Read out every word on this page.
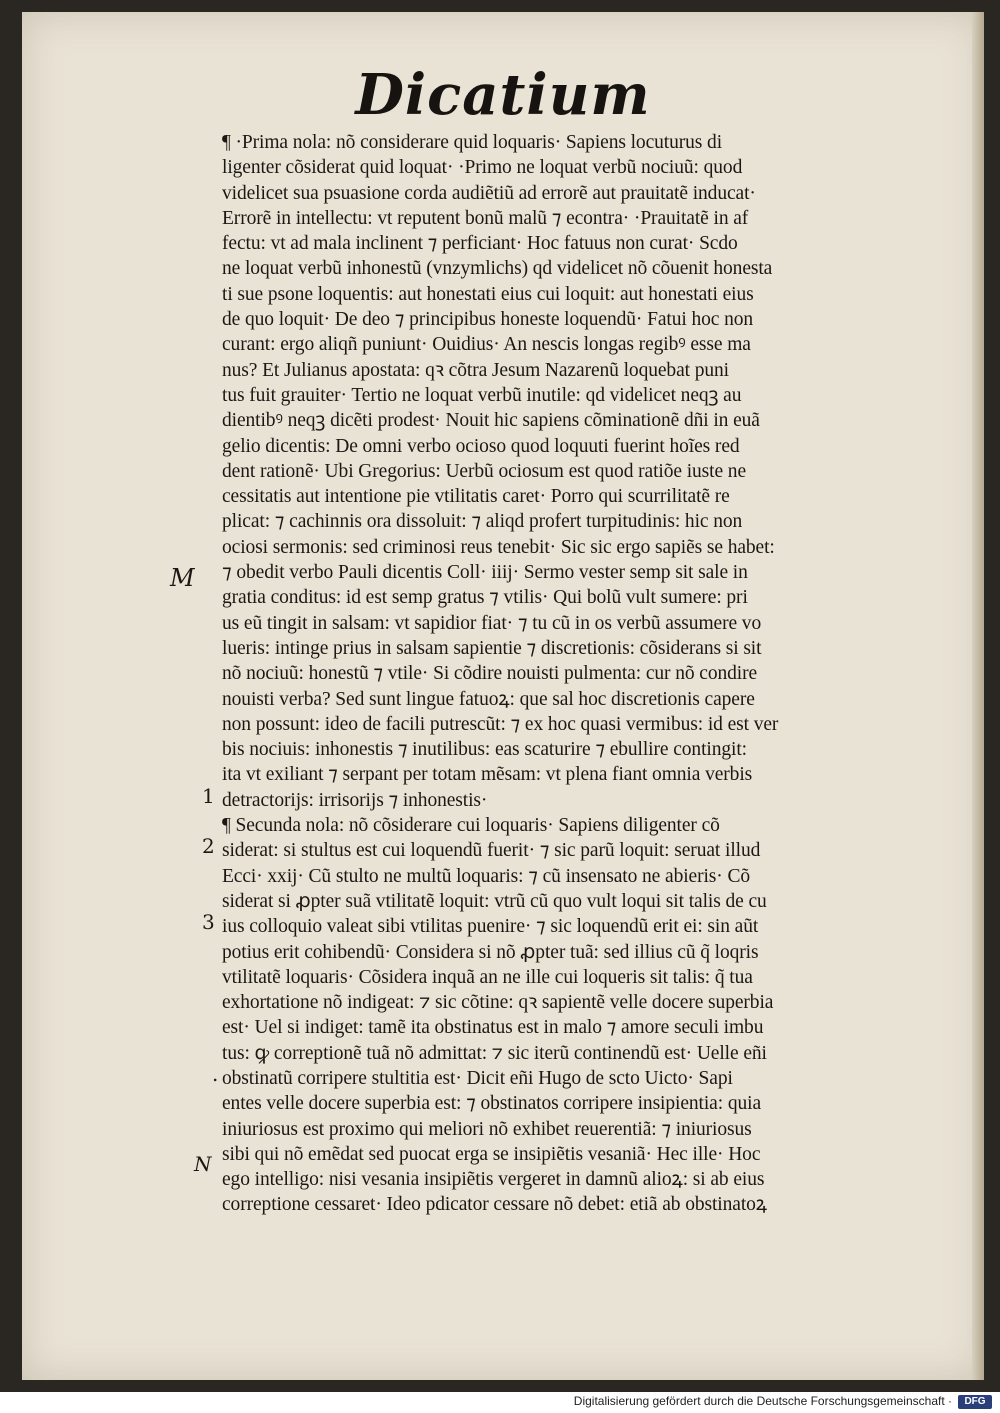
Dicatium
¶ ·Prima nola: nõ considerare quid loquaris· Sapiens locuturus di
ligenter cõsiderat quid loquat· ·Primo ne loquat verbũ nociuũ: quod
videlicet sua psuasione corda audiẽtiũ ad errorẽ aut prauitatẽ inducat·
Errorẽ in intellectu: vt reputent bonũ malũ ⁊ econtra· ·Prauitatẽ in af
fectu: vt ad mala inclinent ⁊ perficiant· Hoc fatuus non curat· Scdo
ne loquat verbũ inhonestũ (vnzymlichs) qd videlicet nõ cõuenit honesta
ti sue psone loquentis: aut honestati eius cui loquit: aut honestati eius
de quo loquit· De deo ⁊ principibus honeste loquendũ· Fatui hoc non
curant: ergo aliqñ puniunt· Ouidius· An nescis longas regibꝰ esse ma
nus? Et Julianus apostata: qꝛ cõtra Jesum Nazarenũ loquebat puni
tus fuit grauiter· Tertio ne loquat verbũ inutile: qd videlicet neqꝫ au
dientibꝰ neqꝫ dicẽti prodest· Nouit hic sapiens cõminationẽ dñi in euã
gelio dicentis: De omni verbo ocioso quod loquuti fuerint hoĩes red
dent rationẽ· Ubi Gregorius: Uerbũ ociosum est quod ratiõe iuste ne
cessitatis aut intentione pie vtilitatis caret· Porro qui scurrilitatẽ re
plicat: ⁊ cachinnis ora dissoluit: ⁊ aliqd profert turpitudinis: hic non
ociosi sermonis: sed criminosi reus tenebit· Sic sic ergo sapiẽs se habet:
⁊ obedit verbo Pauli dicentis Coll· iiij· Sermo vester semp sit sale in
gratia conditus: id est semp gratus ⁊ vtilis· Qui bolũ vult sumere: pri
us eũ tingit in salsam: vt sapidior fiat· ⁊ tu cũ in os verbũ assumere vo
lueris: intinge prius in salsam sapientie ⁊ discretionis: cõsiderans si sit
nõ nociuũ: honestũ ⁊ vtile· Si cõdire nouisti pulmenta: cur nõ condire
nouisti verba? Sed sunt lingue fatuoꝝ: que sal hoc discretionis capere
non possunt: ideo de facili putrescũt: ⁊ ex hoc quasi vermibus: id est ver
bis nociuis: inhonestis ⁊ inutilibus: eas scaturire ⁊ ebullire contingit:
ita vt exiliant ⁊ serpant per totam mẽsam: vt plena fiant omnia verbis
detractorijs: irrisorijs ⁊ inhonestis·
¶ Secunda nola: nõ cõsiderare cui loquaris· Sapiens diligenter cõ
siderat: si stultus est cui loquendũ fuerit· ⁊ sic parũ loquit: seruat illud
Ecci· xxij· Cũ stulto ne multũ loquaris: ⁊ cũ insensato ne abieris· Cõ
siderat si ꝓpter suã vtilitatẽ loquit: vtrũ cũ quo vult loqui sit talis de cu
ius colloquio valeat sibi vtilitas puenire· ⁊ sic loquendũ erit ei: sin aũt
potius erit cohibendũ· Considera si nõ ꝓpter tuã: sed illius cũ q̃ loqris
vtilitatẽ loquaris· Cõsidera inquã an ne ille cui loqueris sit talis: q̃ tua
exhortatione nõ indigeat: ⁊ sic cõtine: qꝛ sapientẽ velle docere superbia
est· Uel si indiget: tamẽ ita obstinatus est in malo ⁊ amore seculi imbu
tus: ꝙ correptionẽ tuã nõ admittat: ⁊ sic iterũ continendũ est· Uelle eñi
obstinatũ corripere stultitia est· Dicit eñi Hugo de scto Uicto· Sapi
entes velle docere superbia est: ⁊ obstinatos corripere insipientia: quia
iniuriosus est proximo qui meliori nõ exhibet reuerentiã: ⁊ iniuriosus
sibi qui nõ emẽdat sed puocat erga se insipiẽtis vesaniã· Hec ille· Hoc
ego intelligo: nisi vesania insipiẽtis vergeret in damnũ alioꝝ: si ab eius
correptione cessaret· Ideo pdicator cessare nõ debet: etiã ab obstinatoꝝ
M
1
2
3
.
N
Digitalisierung gefördert durch die Deutsche Forschungsgemeinschaft ·	DFG
